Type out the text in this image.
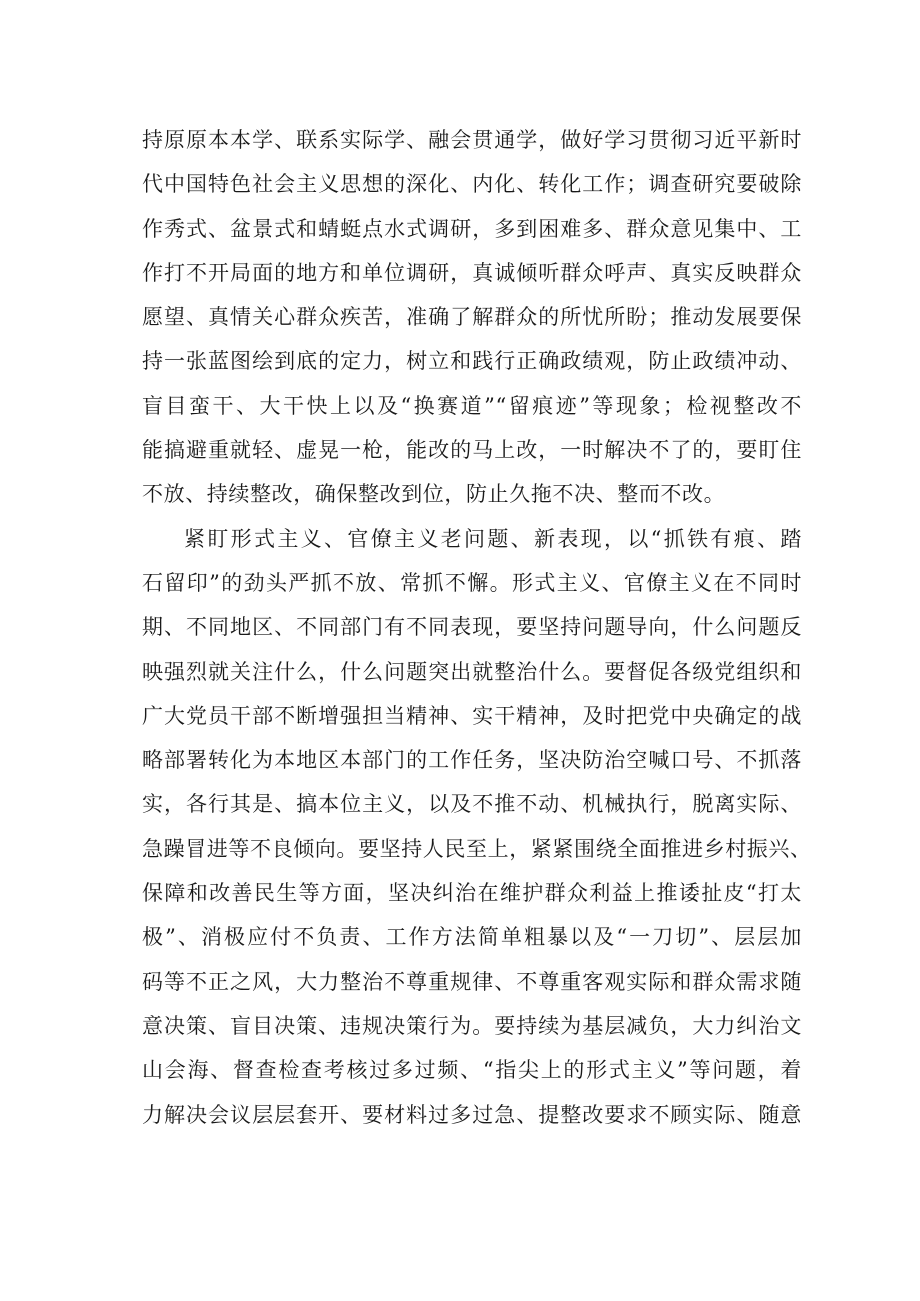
持原原本本学、联系实际学、融会贯通学，做好学习贯彻习近平新时
代中国特色社会主义思想的深化、内化、转化工作；调查研究要破除
作秀式、盆景式和蜻蜓点水式调研，多到困难多、群众意见集中、工
作打不开局面的地方和单位调研，真诚倾听群众呼声、真实反映群众
愿望、真情关心群众疾苦，准确了解群众的所忧所盼；推动发展要保
持一张蓝图绘到底的定力，树立和践行正确政绩观，防止政绩冲动、
盲目蛮干、大干快上以及“换赛道”“留痕迹”等现象；检视整改不
能搞避重就轻、虚晃一枪，能改的马上改，一时解决不了的，要盯住
不放、持续整改，确保整改到位，防止久拖不决、整而不改。
紧盯形式主义、官僚主义老问题、新表现，以“抓铁有痕、踏
石留印”的劲头严抓不放、常抓不懈。形式主义、官僚主义在不同时
期、不同地区、不同部门有不同表现，要坚持问题导向，什么问题反
映强烈就关注什么，什么问题突出就整治什么。要督促各级党组织和
广大党员干部不断增强担当精神、实干精神，及时把党中央确定的战
略部署转化为本地区本部门的工作任务，坚决防治空喊口号、不抓落
实，各行其是、搞本位主义，以及不推不动、机械执行，脱离实际、
急躁冒进等不良倾向。要坚持人民至上，紧紧围绕全面推进乡村振兴、
保障和改善民生等方面，坚决纠治在维护群众利益上推诿扯皮“打太
极”、消极应付不负责、工作方法简单粗暴以及“一刀切”、层层加
码等不正之风，大力整治不尊重规律、不尊重客观实际和群众需求随
意决策、盲目决策、违规决策行为。要持续为基层减负，大力纠治文
山会海、督查检查考核过多过频、“指尖上的形式主义”等问题，着
力解决会议层层套开、要材料过多过急、提整改要求不顾实际、随意
